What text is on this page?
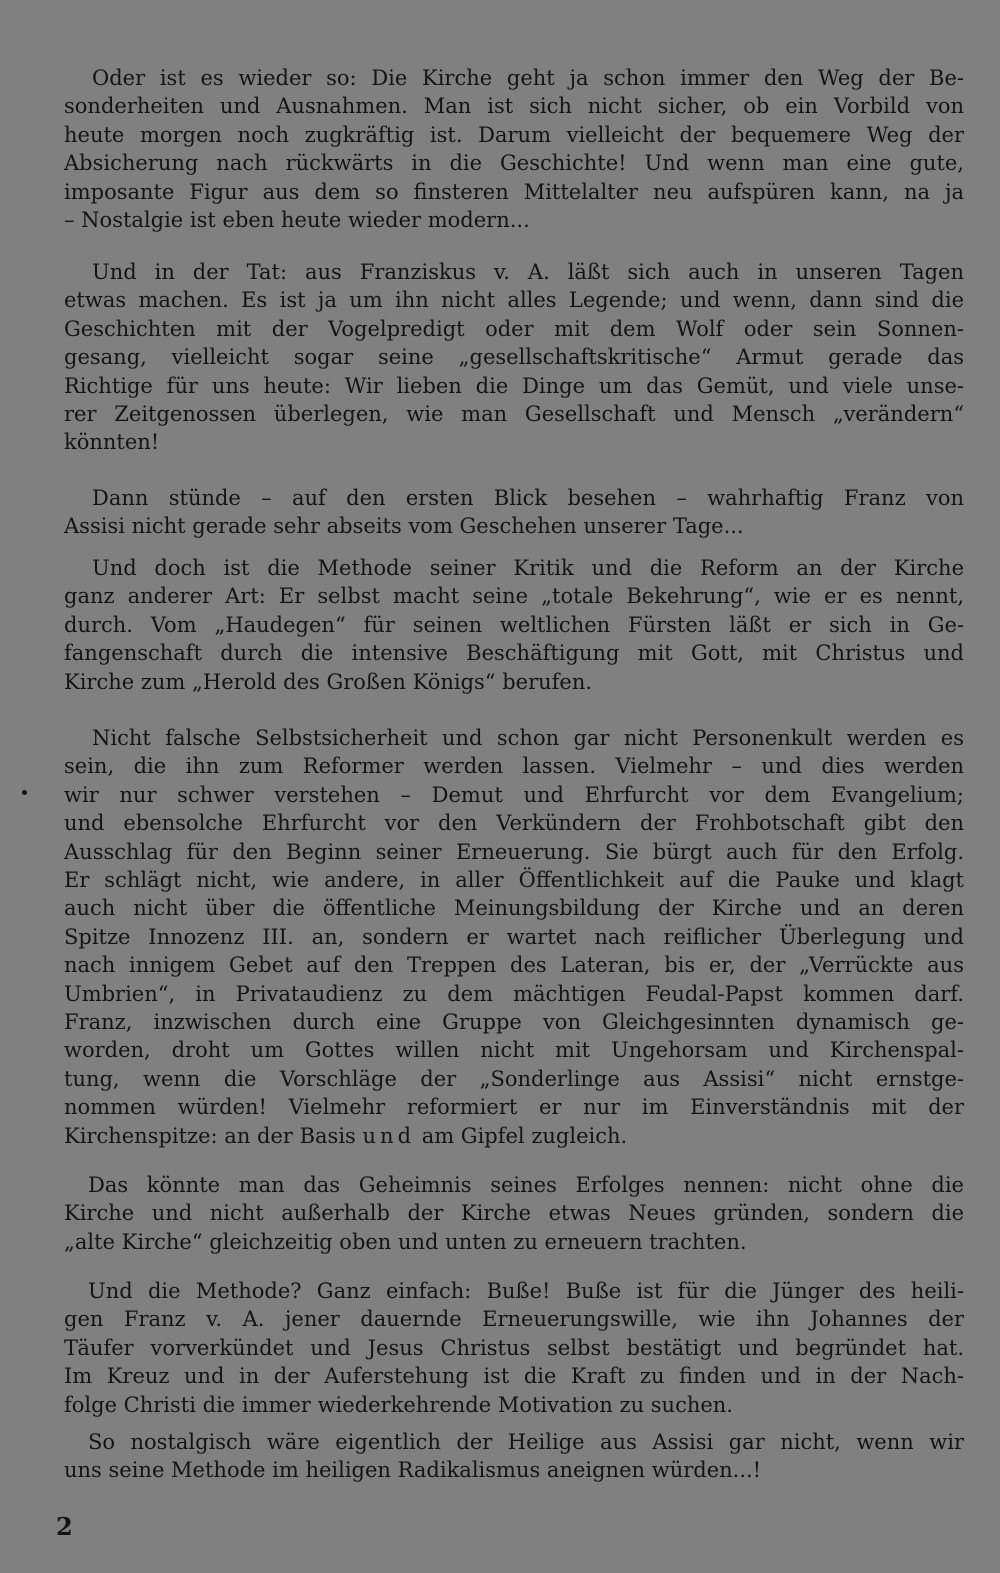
Oder ist es wieder so: Die Kirche geht ja schon immer den Weg der Be-
sonderheiten und Ausnahmen. Man ist sich nicht sicher, ob ein Vorbild von
heute morgen noch zugkräftig ist. Darum vielleicht der bequemere Weg der
Absicherung nach rückwärts in die Geschichte! Und wenn man eine gute,
imposante Figur aus dem so finsteren Mittelalter neu aufspüren kann, na ja
– Nostalgie ist eben heute wieder modern...

Und in der Tat: aus Franziskus v. A. läßt sich auch in unseren Tagen
etwas machen. Es ist ja um ihn nicht alles Legende; und wenn, dann sind die
Geschichten mit der Vogelpredigt oder mit dem Wolf oder sein Sonnen-
gesang, vielleicht sogar seine „gesellschaftskritische“ Armut gerade das
Richtige für uns heute: Wir lieben die Dinge um das Gemüt, und viele unse-
rer Zeitgenossen überlegen, wie man Gesellschaft und Mensch „verändern“
könnten!

Dann stünde – auf den ersten Blick besehen – wahrhaftig Franz von
Assisi nicht gerade sehr abseits vom Geschehen unserer Tage...

Und doch ist die Methode seiner Kritik und die Reform an der Kirche
ganz anderer Art: Er selbst macht seine „totale Bekehrung“, wie er es nennt,
durch. Vom „Haudegen“ für seinen weltlichen Fürsten läßt er sich in Ge-
fangenschaft durch die intensive Beschäftigung mit Gott, mit Christus und
Kirche zum „Herold des Großen Königs“ berufen.

Nicht falsche Selbstsicherheit und schon gar nicht Personenkult werden es
sein, die ihn zum Reformer werden lassen. Vielmehr – und dies werden
wir nur schwer verstehen – Demut und Ehrfurcht vor dem Evangelium;
und ebensolche Ehrfurcht vor den Verkündern der Frohbotschaft gibt den
Ausschlag für den Beginn seiner Erneuerung. Sie bürgt auch für den Erfolg.
Er schlägt nicht, wie andere, in aller Öffentlichkeit auf die Pauke und klagt
auch nicht über die öffentliche Meinungsbildung der Kirche und an deren
Spitze Innozenz III. an, sondern er wartet nach reiflicher Überlegung und
nach innigem Gebet auf den Treppen des Lateran, bis er, der „Verrückte aus
Umbrien“, in Privataudienz zu dem mächtigen Feudal-Papst kommen darf.
Franz, inzwischen durch eine Gruppe von Gleichgesinnten dynamisch ge-
worden, droht um Gottes willen nicht mit Ungehorsam und Kirchenspal-
tung, wenn die Vorschläge der „Sonderlinge aus Assisi“ nicht ernstge-
nommen würden! Vielmehr reformiert er nur im Einverständnis mit der
Kirchenspitze: an der Basis und am Gipfel zugleich.

Das könnte man das Geheimnis seines Erfolges nennen: nicht ohne die
Kirche und nicht außerhalb der Kirche etwas Neues gründen, sondern die
„alte Kirche“ gleichzeitig oben und unten zu erneuern trachten.

Und die Methode? Ganz einfach: Buße! Buße ist für die Jünger des heili-
gen Franz v. A. jener dauernde Erneuerungswille, wie ihn Johannes der
Täufer vorverkündet und Jesus Christus selbst bestätigt und begründet hat.
Im Kreuz und in der Auferstehung ist die Kraft zu finden und in der Nach-
folge Christi die immer wiederkehrende Motivation zu suchen.

So nostalgisch wäre eigentlich der Heilige aus Assisi gar nicht, wenn wir
uns seine Methode im heiligen Radikalismus aneignen würden...!

2
